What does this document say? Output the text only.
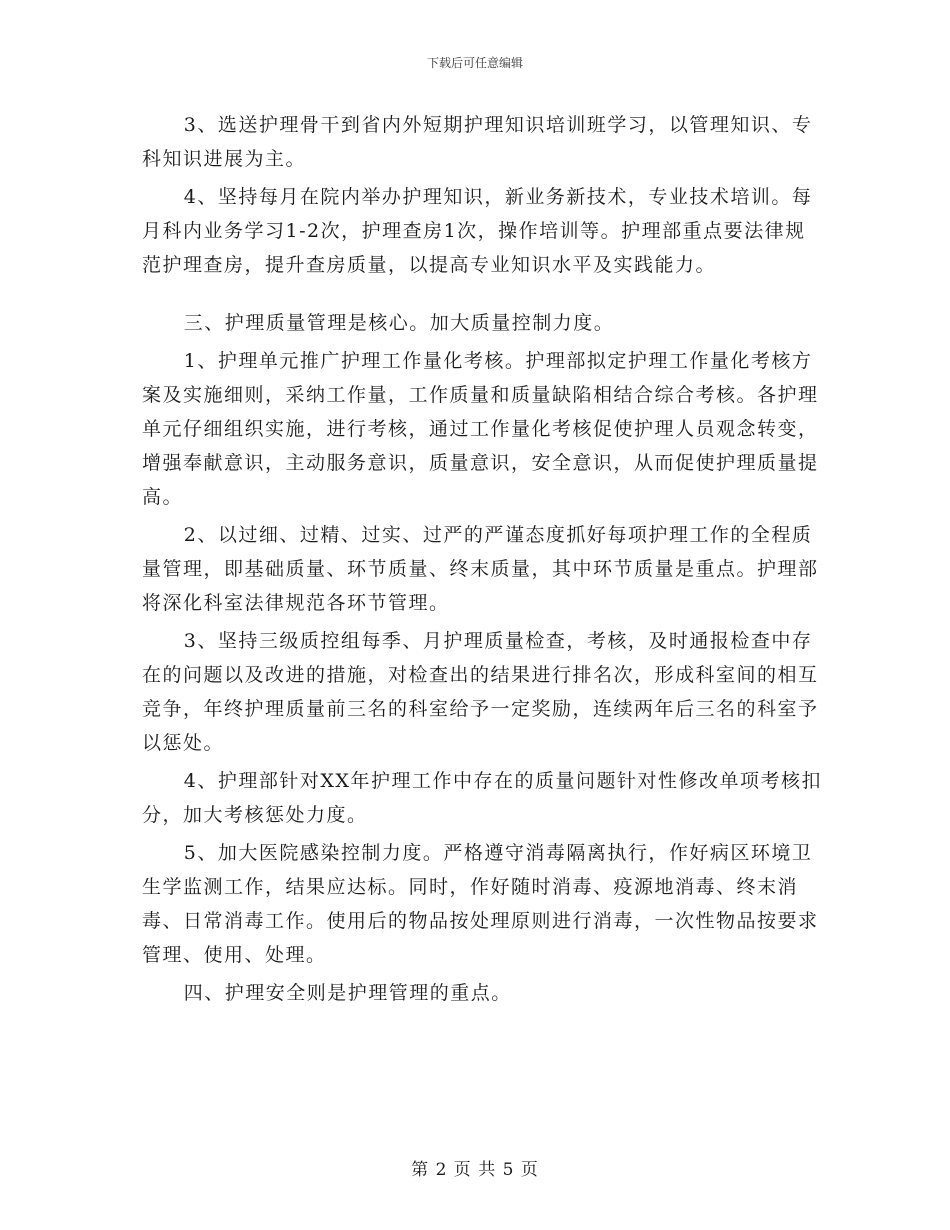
下载后可任意编辑

3、选送护理骨干到省内外短期护理知识培训班学习，以管理知识、专科知识进展为主。

4、坚持每月在院内举办护理知识，新业务新技术，专业技术培训。每月科内业务学习1-2次，护理查房1次，操作培训等。护理部重点要法律规范护理查房，提升查房质量，以提高专业知识水平及实践能力。

三、护理质量管理是核心。加大质量控制力度。

1、护理单元推广护理工作量化考核。护理部拟定护理工作量化考核方案及实施细则，采纳工作量，工作质量和质量缺陷相结合综合考核。各护理单元仔细组织实施，进行考核，通过工作量化考核促使护理人员观念转变，增强奉献意识，主动服务意识，质量意识，安全意识，从而促使护理质量提高。

2、以过细、过精、过实、过严的严谨态度抓好每项护理工作的全程质量管理，即基础质量、环节质量、终末质量，其中环节质量是重点。护理部将深化科室法律规范各环节管理。

3、坚持三级质控组每季、月护理质量检查，考核，及时通报检查中存在的问题以及改进的措施，对检查出的结果进行排名次，形成科室间的相互竞争，年终护理质量前三名的科室给予一定奖励，连续两年后三名的科室予以惩处。

4、护理部针对XX年护理工作中存在的质量问题针对性修改单项考核扣分，加大考核惩处力度。

5、加大医院感染控制力度。严格遵守消毒隔离执行，作好病区环境卫生学监测工作，结果应达标。同时，作好随时消毒、疫源地消毒、终末消毒、日常消毒工作。使用后的物品按处理原则进行消毒，一次性物品按要求管理、使用、处理。

四、护理安全则是护理管理的重点。

第 2 页 共 5 页
